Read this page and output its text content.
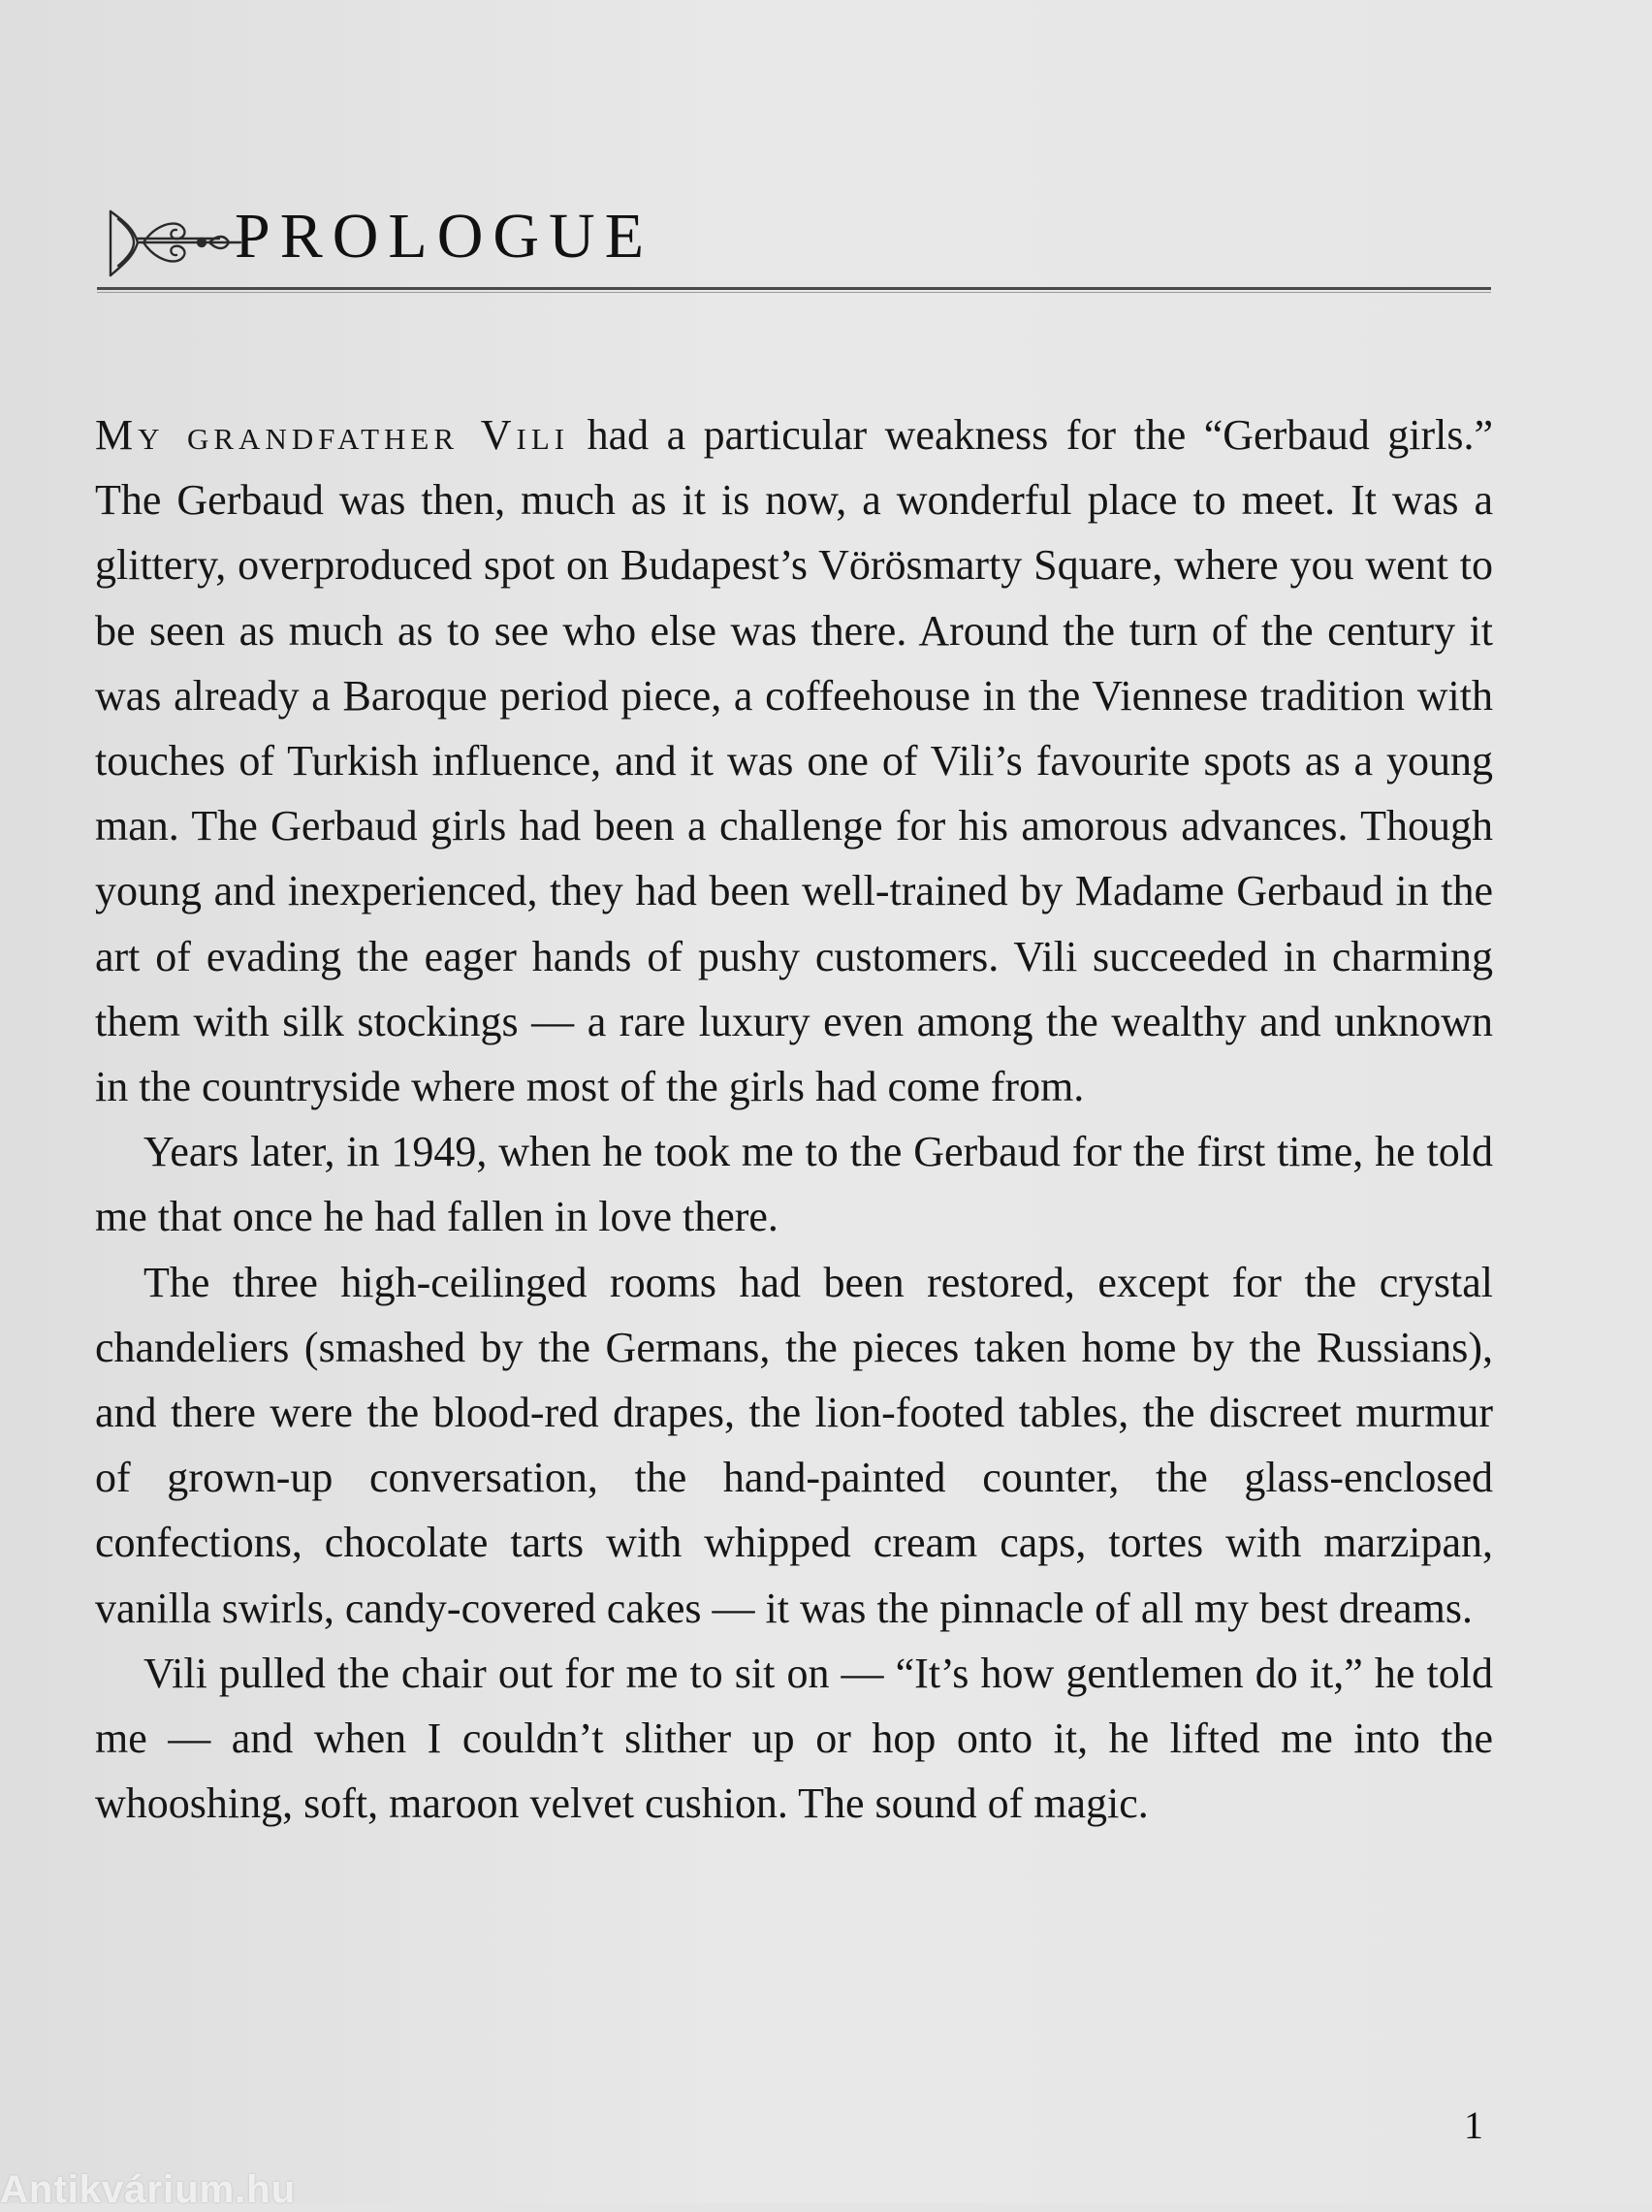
PROLOGUE

My grandfather Vili had a particular weakness for the “Gerbaud girls.” The Gerbaud was then, much as it is now, a wonderful place to meet. It was a glittery, overproduced spot on Budapest’s Vörösmarty Square, where you went to be seen as much as to see who else was there. Around the turn of the century it was already a Baroque period piece, a coffeehouse in the Viennese tradition with touches of Turkish influence, and it was one of Vili’s favourite spots as a young man. The Gerbaud girls had been a challenge for his amorous advances. Though young and inexperienced, they had been well-trained by Madame Gerbaud in the art of evading the eager hands of pushy customers. Vili succeeded in charming them with silk stockings — a rare luxury even among the wealthy and unknown in the countryside where most of the girls had come from.

Years later, in 1949, when he took me to the Gerbaud for the first time, he told me that once he had fallen in love there.

The three high-ceilinged rooms had been restored, except for the crystal chandeliers (smashed by the Germans, the pieces taken home by the Russians), and there were the blood-red drapes, the lion-footed tables, the discreet murmur of grown-up conversation, the hand-painted counter, the glass-enclosed confections, chocolate tarts with whipped cream caps, tortes with marzipan, vanilla swirls, candy-covered cakes — it was the pinnacle of all my best dreams.

Vili pulled the chair out for me to sit on — “It’s how gentlemen do it,” he told me — and when I couldn’t slither up or hop onto it, he lifted me into the whooshing, soft, maroon velvet cushion. The sound of magic.

1
Antikvárium.hu
